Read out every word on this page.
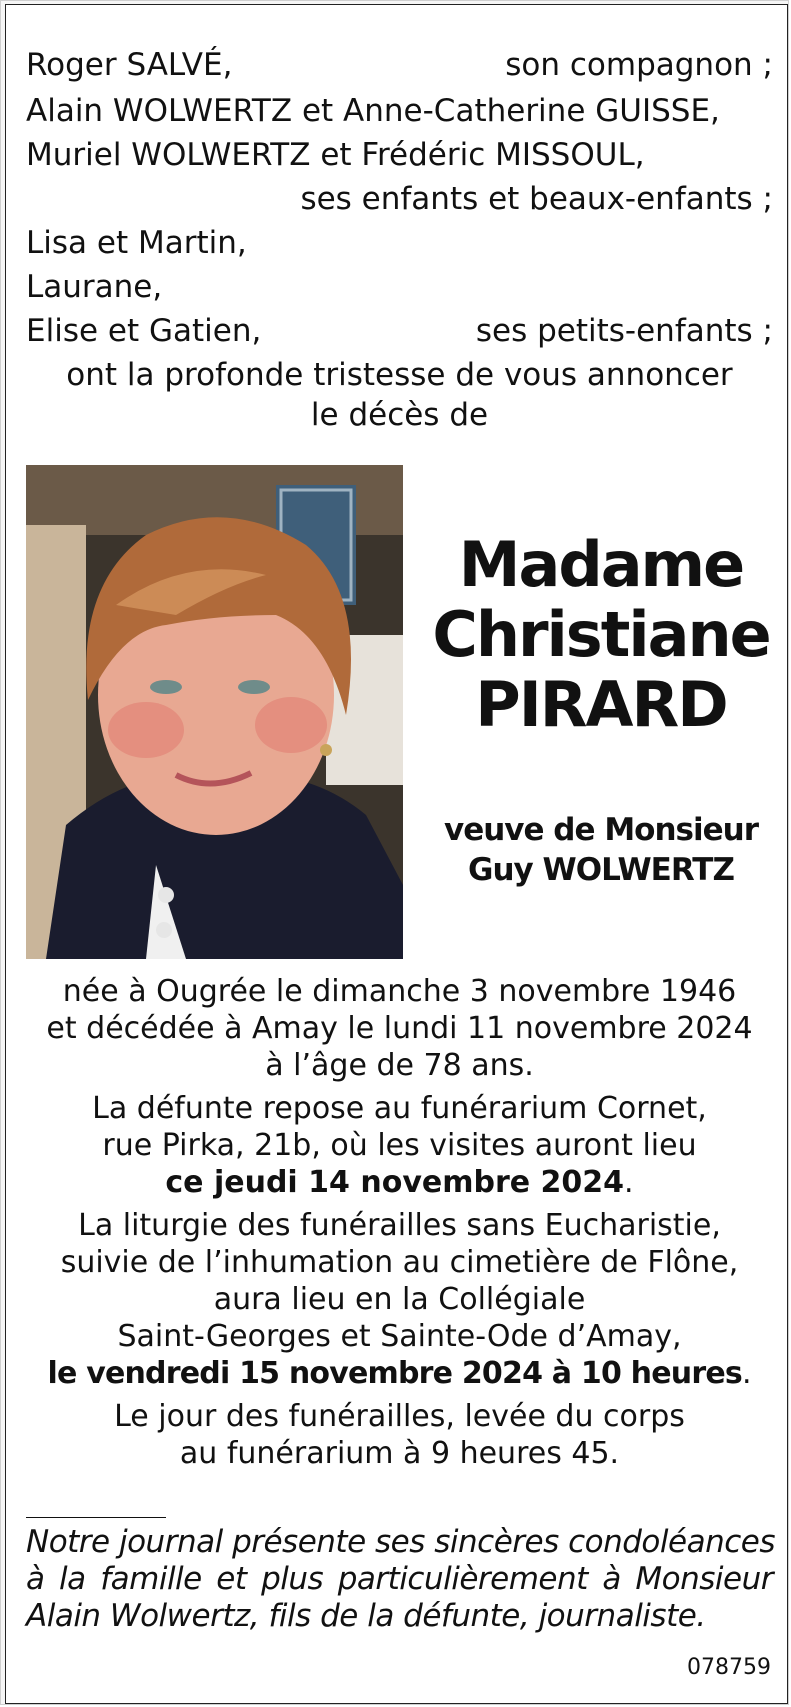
Roger SALVÉ,	son compagnon ;
Alain WOLWERTZ et Anne-Catherine GUISSE,
Muriel WOLWERTZ et Frédéric MISSOUL,
ses enfants et beaux-enfants ;
Lisa et Martin,
Laurane,
Elise et Gatien,	ses petits-enfants ;
ont la profonde tristesse de vous annoncer
le décès de
Madame
Christiane
PIRARD
veuve de Monsieur
Guy WOLWERTZ
née à Ougrée le dimanche 3 novembre 1946
et décédée à Amay le lundi 11 novembre 2024
à l’âge de 78 ans.
La défunte repose au funérarium Cornet,
rue Pirka, 21b, où les visites auront lieu
ce jeudi 14 novembre 2024.
La liturgie des funérailles sans Eucharistie,
suivie de l’inhumation au cimetière de Flône,
aura lieu en la Collégiale
Saint-Georges et Sainte-Ode d’Amay,
le vendredi 15 novembre 2024 à 10 heures.
Le jour des funérailles, levée du corps
au funérarium à 9 heures 45.
Notre journal présente ses sincères condoléances
à la famille et plus particulièrement à Monsieur
Alain Wolwertz, fils de la défunte, journaliste.
078759
